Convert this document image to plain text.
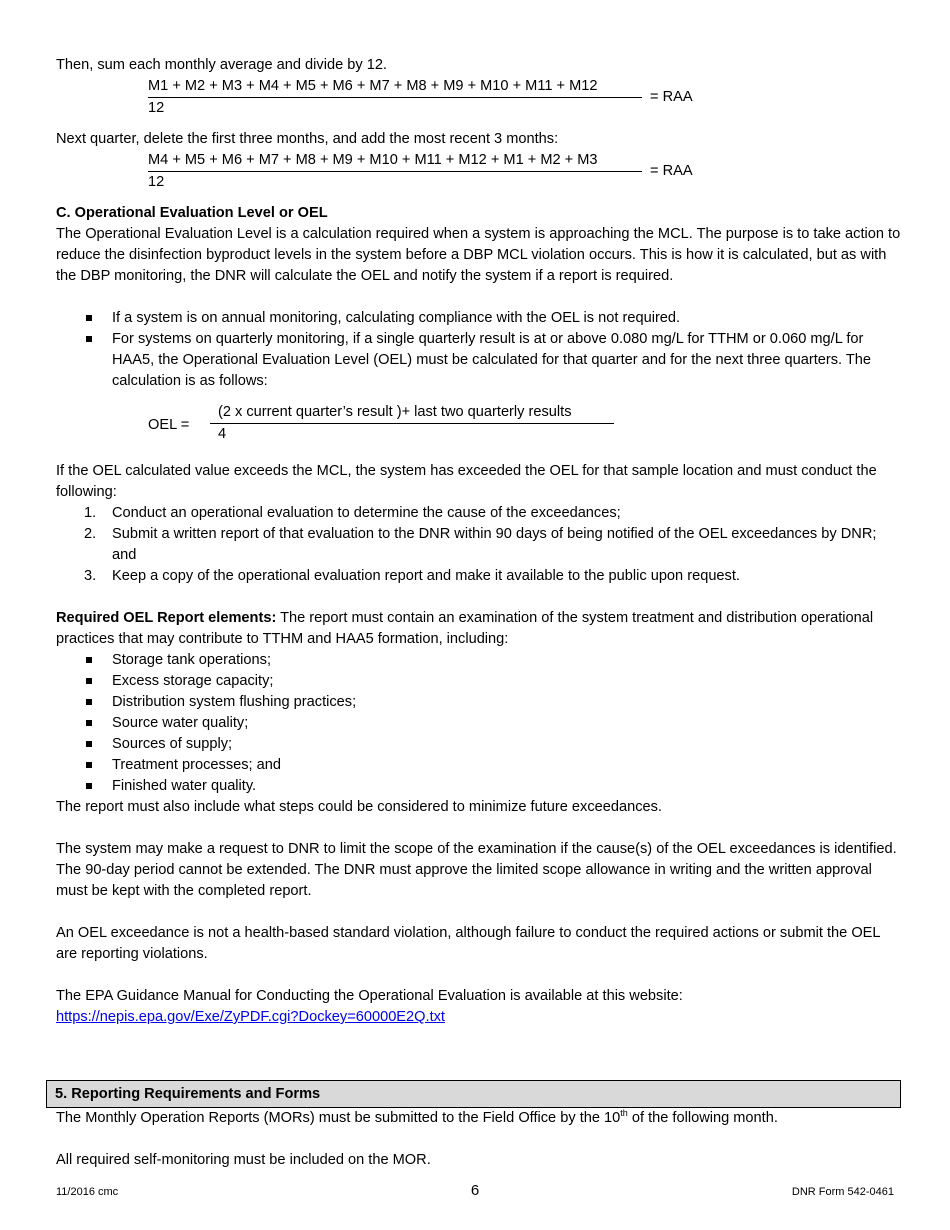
Then, sum each monthly average and divide by 12.

$\frac{M1 + M2 + M3 + M4 + M5 + M6 + M7 + M8 + M9 + M10 + M11 + M12}{12}$ = RAA

Next quarter, delete the first three months, and add the most recent 3 months:

$\frac{M4 + M5 + M6 + M7 + M8 + M9 + M10 + M11 + M12 + M1 + M2 + M3}{12}$ = RAA

C. Operational Evaluation Level or OEL

The Operational Evaluation Level is a calculation required when a system is approaching the MCL. The purpose is to take action to reduce the disinfection byproduct levels in the system before a DBP MCL violation occurs. This is how it is calculated, but as with the DBP monitoring, the DNR will calculate the OEL and notify the system if a report is required.

If a system is on annual monitoring, calculating compliance with the OEL is not required.
For systems on quarterly monitoring, if a single quarterly result is at or above 0.080 mg/L for TTHM or 0.060 mg/L for HAA5, the Operational Evaluation Level (OEL) must be calculated for that quarter and for the next three quarters. The calculation is as follows:
OEL =
(2 x current quarter’s result )+ last two quarterly results
4

If the OEL calculated value exceeds the MCL, the system has exceeded the OEL for that sample location and must conduct the following:

1. Conduct an operational evaluation to determine the cause of the exceedances;
2. Submit a written report of that evaluation to the DNR within 90 days of being notified of the OEL exceedances by DNR; and
3. Keep a copy of the operational evaluation report and make it available to the public upon request.

Required OEL Report elements: The report must contain an examination of the system treatment and distribution operational practices that may contribute to TTHM and HAA5 formation, including:

Storage tank operations;
Excess storage capacity;
Distribution system flushing practices;
Source water quality;
Sources of supply;
Treatment processes; and
Finished water quality.

The report must also include what steps could be considered to minimize future exceedances.

The system may make a request to DNR to limit the scope of the examination if the cause(s) of the OEL exceedances is identified. The 90-day period cannot be extended. The DNR must approve the limited scope allowance in writing and the written approval must be kept with the completed report.

An OEL exceedance is not a health-based standard violation, although failure to conduct the required actions or submit the OEL are reporting violations.

The EPA Guidance Manual for Conducting the Operational Evaluation is available at this website:

https://nepis.epa.gov/Exe/ZyPDF.cgi?Dockey=60000E2Q.txt

5. Reporting Requirements and Forms

The Monthly Operation Reports (MORs) must be submitted to the Field Office by the 10th of the following month.

All required self-monitoring must be included on the MOR.

11/2016 cmc	6	DNR Form 542-0461
